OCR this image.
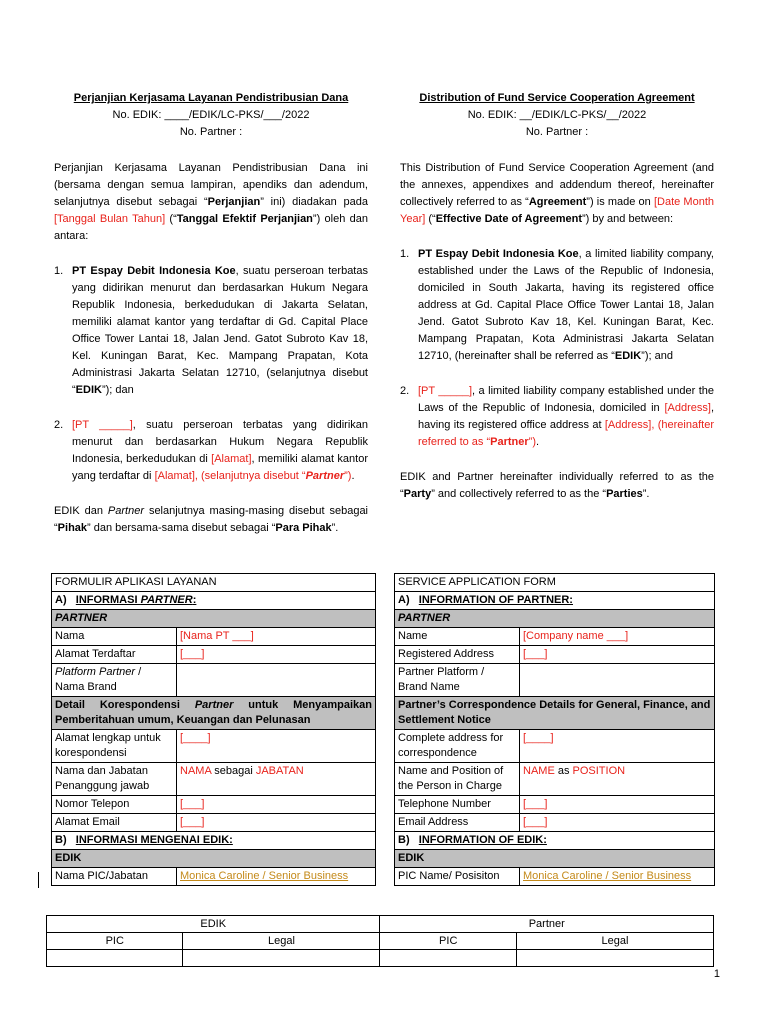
Perjanjian Kerjasama Layanan Pendistribusian Dana
No. EDIK: ____/EDIK/LC-PKS/___/2022
No. Partner :
Perjanjian Kerjasama Layanan Pendistribusian Dana ini (bersama dengan semua lampiran, apendiks dan adendum, selanjutnya disebut sebagai “Perjanjian” ini) diadakan pada [Tanggal Bulan Tahun] (“Tanggal Efektif Perjanjian”) oleh dan antara:
1. PT Espay Debit Indonesia Koe, suatu perseroan terbatas yang didirikan menurut dan berdasarkan Hukum Negara Republik Indonesia, berkedudukan di Jakarta Selatan, memiliki alamat kantor yang terdaftar di Gd. Capital Place Office Tower Lantai 18, Jalan Jend. Gatot Subroto Kav 18, Kel. Kuningan Barat, Kec. Mampang Prapatan, Kota Administrasi Jakarta Selatan 12710, (selanjutnya disebut “EDIK”); dan
2. [PT _____], suatu perseroan terbatas yang didirikan menurut dan berdasarkan Hukum Negara Republik Indonesia, berkedudukan di [Alamat], memiliki alamat kantor yang terdaftar di [Alamat], (selanjutnya disebut “Partner”).
EDIK dan Partner selanjutnya masing-masing disebut sebagai “Pihak” dan bersama-sama disebut sebagai “Para Pihak”.
Distribution of Fund Service Cooperation Agreement
No. EDIK: __/EDIK/LC-PKS/__/2022
No. Partner :
This Distribution of Fund Service Cooperation Agreement (and the annexes, appendixes and addendum thereof, hereinafter collectively referred to as “Agreement”) is made on [Date Month Year] (“Effective Date of Agreement”) by and between:
1. PT Espay Debit Indonesia Koe, a limited liability company, established under the Laws of the Republic of Indonesia, domiciled in South Jakarta, having its registered office address at Gd. Capital Place Office Tower Lantai 18, Jalan Jend. Gatot Subroto Kav 18, Kel. Kuningan Barat, Kec. Mampang Prapatan, Kota Administrasi Jakarta Selatan 12710, (hereinafter shall be referred as “EDIK”); and
2. [PT _____], a limited liability company established under the Laws of the Republic of Indonesia, domiciled in [Address], having its registered office address at [Address], (hereinafter referred to as “Partner”).
EDIK and Partner hereinafter individually referred to as the “Party” and collectively referred to as the “Parties”.
FORMULIR APLIKASI LAYANAN	
A) INFORMASI PARTNER:	
PARTNER	
Nama	[Nama PT ___]
Alamat Terdaftar	[___]
Platform Partner / Nama Brand	
Detail Korespondensi Partner untuk Menyampaikan Pemberitahuan umum, Keuangan dan Pelunasan	
Alamat lengkap untuk korespondensi	[____]
Nama dan Jabatan Penanggung jawab	NAMA sebagai JABATAN
Nomor Telepon	[___]
Alamat Email	[___]
B) INFORMASI MENGENAI EDIK:	
EDIK	
Nama PIC/Jabatan	Monica Caroline / Senior Business
SERVICE APPLICATION FORM	
A) INFORMATION OF PARTNER:	
PARTNER	
Name	[Company name ___]
Registered Address	[___]
Partner Platform / Brand Name	
Partner’s Correspondence Details for General, Finance, and Settlement Notice	
Complete address for correspondence	[____]
Name and Position of the Person in Charge	NAME as POSITION
Telephone Number	[___]
Email Address	[___]
B) INFORMATION OF EDIK:	
EDIK	
PIC Name/ Posisiton	Monica Caroline / Senior Business
EDIK		Partner	
PIC	Legal	PIC	Legal

1
